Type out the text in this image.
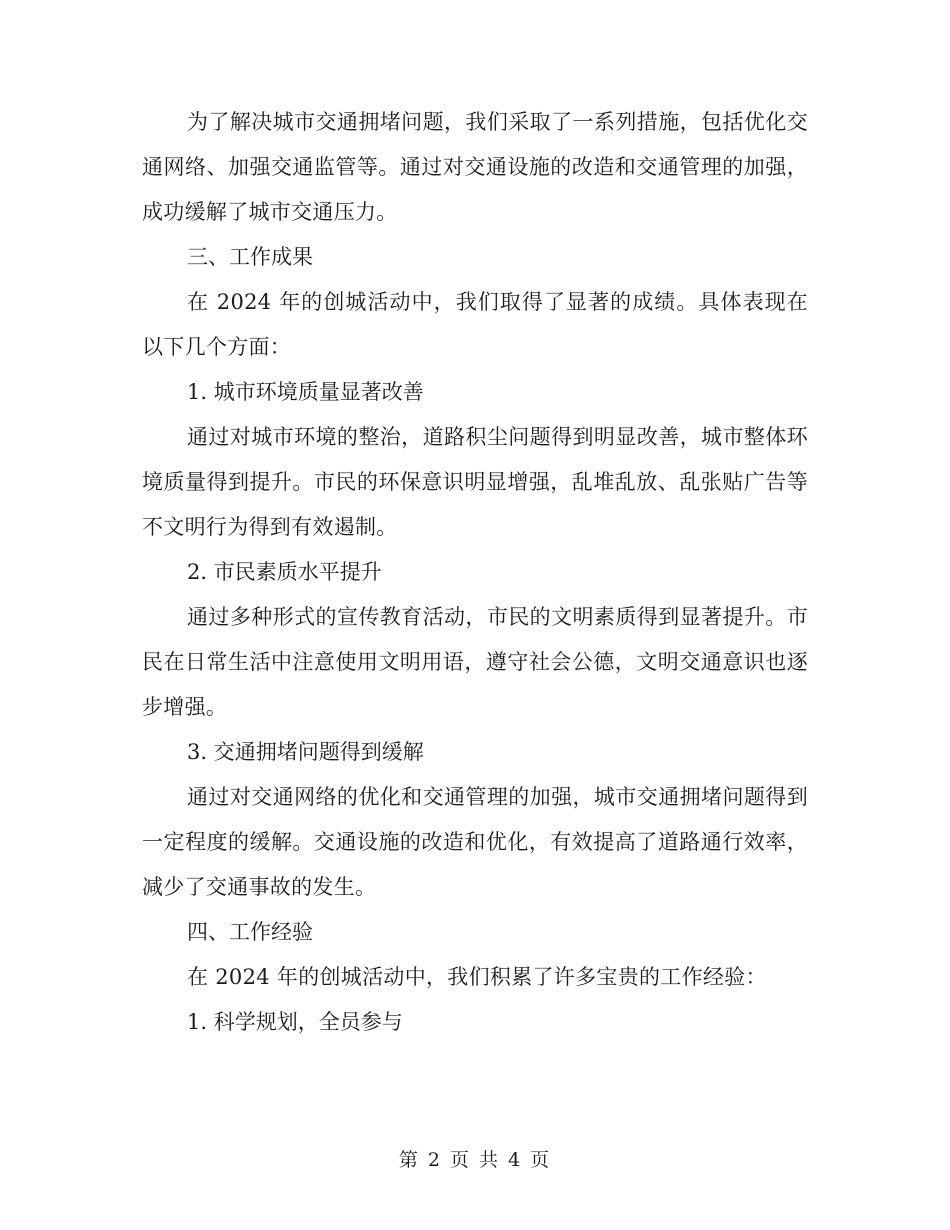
为了解决城市交通拥堵问题，我们采取了一系列措施，包括优化交通网络、加强交通监管等。通过对交通设施的改造和交通管理的加强，成功缓解了城市交通压力。

三、工作成果

在 2024 年的创城活动中，我们取得了显著的成绩。具体表现在以下几个方面：

1. 城市环境质量显著改善

通过对城市环境的整治，道路积尘问题得到明显改善，城市整体环境质量得到提升。市民的环保意识明显增强，乱堆乱放、乱张贴广告等不文明行为得到有效遏制。

2. 市民素质水平提升

通过多种形式的宣传教育活动，市民的文明素质得到显著提升。市民在日常生活中注意使用文明用语，遵守社会公德，文明交通意识也逐步增强。

3. 交通拥堵问题得到缓解

通过对交通网络的优化和交通管理的加强，城市交通拥堵问题得到一定程度的缓解。交通设施的改造和优化，有效提高了道路通行效率，减少了交通事故的发生。

四、工作经验

在 2024 年的创城活动中，我们积累了许多宝贵的工作经验：

1. 科学规划，全员参与

第 2 页 共 4 页
